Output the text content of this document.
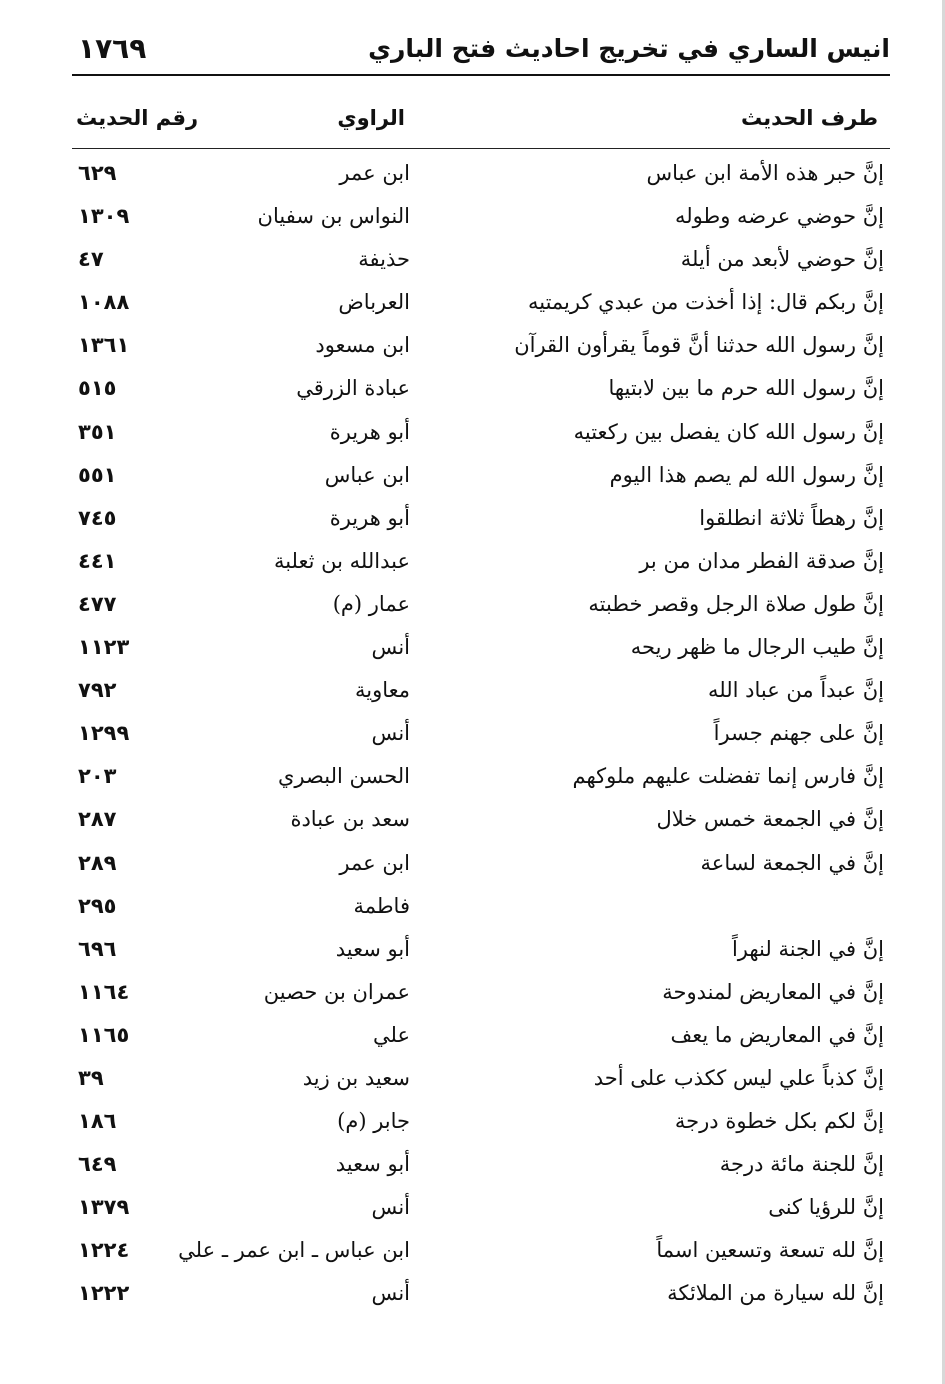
انيس الساري في تخريج احاديث فتح الباري
١٧٦٩
طرف الحديث
الراوي
رقم الحديث
إنَّ حبر هذه الأمة ابن عباس
ابن عمر
٦٢٩
إنَّ حوضي عرضه وطوله
النواس بن سفيان
١٣٠٩
إنَّ حوضي لأبعد من أيلة
حذيفة
٤٧
إنَّ ربكم قال: إذا أخذت من عبدي كريمتيه
العرباض
١٠٨٨
إنَّ رسول الله حدثنا أنَّ قوماً يقرأون القرآن
ابن مسعود
١٣٦١
إنَّ رسول الله حرم ما بين لابتيها
عبادة الزرقي
٥١٥
إنَّ رسول الله كان يفصل بين ركعتيه
أبو هريرة
٣٥١
إنَّ رسول الله لم يصم هذا اليوم
ابن عباس
٥٥١
إنَّ رهطاً ثلاثة انطلقوا
أبو هريرة
٧٤٥
إنَّ صدقة الفطر مدان من بر
عبدالله بن ثعلبة
٤٤١
إنَّ طول صلاة الرجل وقصر خطبته
عمار (م)
٤٧٧
إنَّ طيب الرجال ما ظهر ريحه
أنس
١١٢٣
إنَّ عبداً من عباد الله
معاوية
٧٩٢
إنَّ على جهنم جسراً
أنس
١٢٩٩
إنَّ فارس إنما تفضلت عليهم ملوكهم
الحسن البصري
٢٠٣
إنَّ في الجمعة خمس خلال
سعد بن عبادة
٢٨٧
إنَّ في الجمعة لساعة
ابن عمر
٢٨٩
فاطمة
٢٩٥
إنَّ في الجنة لنهراً
أبو سعيد
٦٩٦
إنَّ في المعاريض لمندوحة
عمران بن حصين
١١٦٤
إنَّ في المعاريض ما يعف
علي
١١٦٥
إنَّ كذباً علي ليس ككذب على أحد
سعيد بن زيد
٣٩
إنَّ لكم بكل خطوة درجة
جابر (م)
١٨٦
إنَّ للجنة مائة درجة
أبو سعيد
٦٤٩
إنَّ للرؤيا كنى
أنس
١٣٧٩
إنَّ لله تسعة وتسعين اسماً
ابن عباس ـ ابن عمر ـ علي
١٢٢٤
إنَّ لله سيارة من الملائكة
أنس
١٢٢٢
